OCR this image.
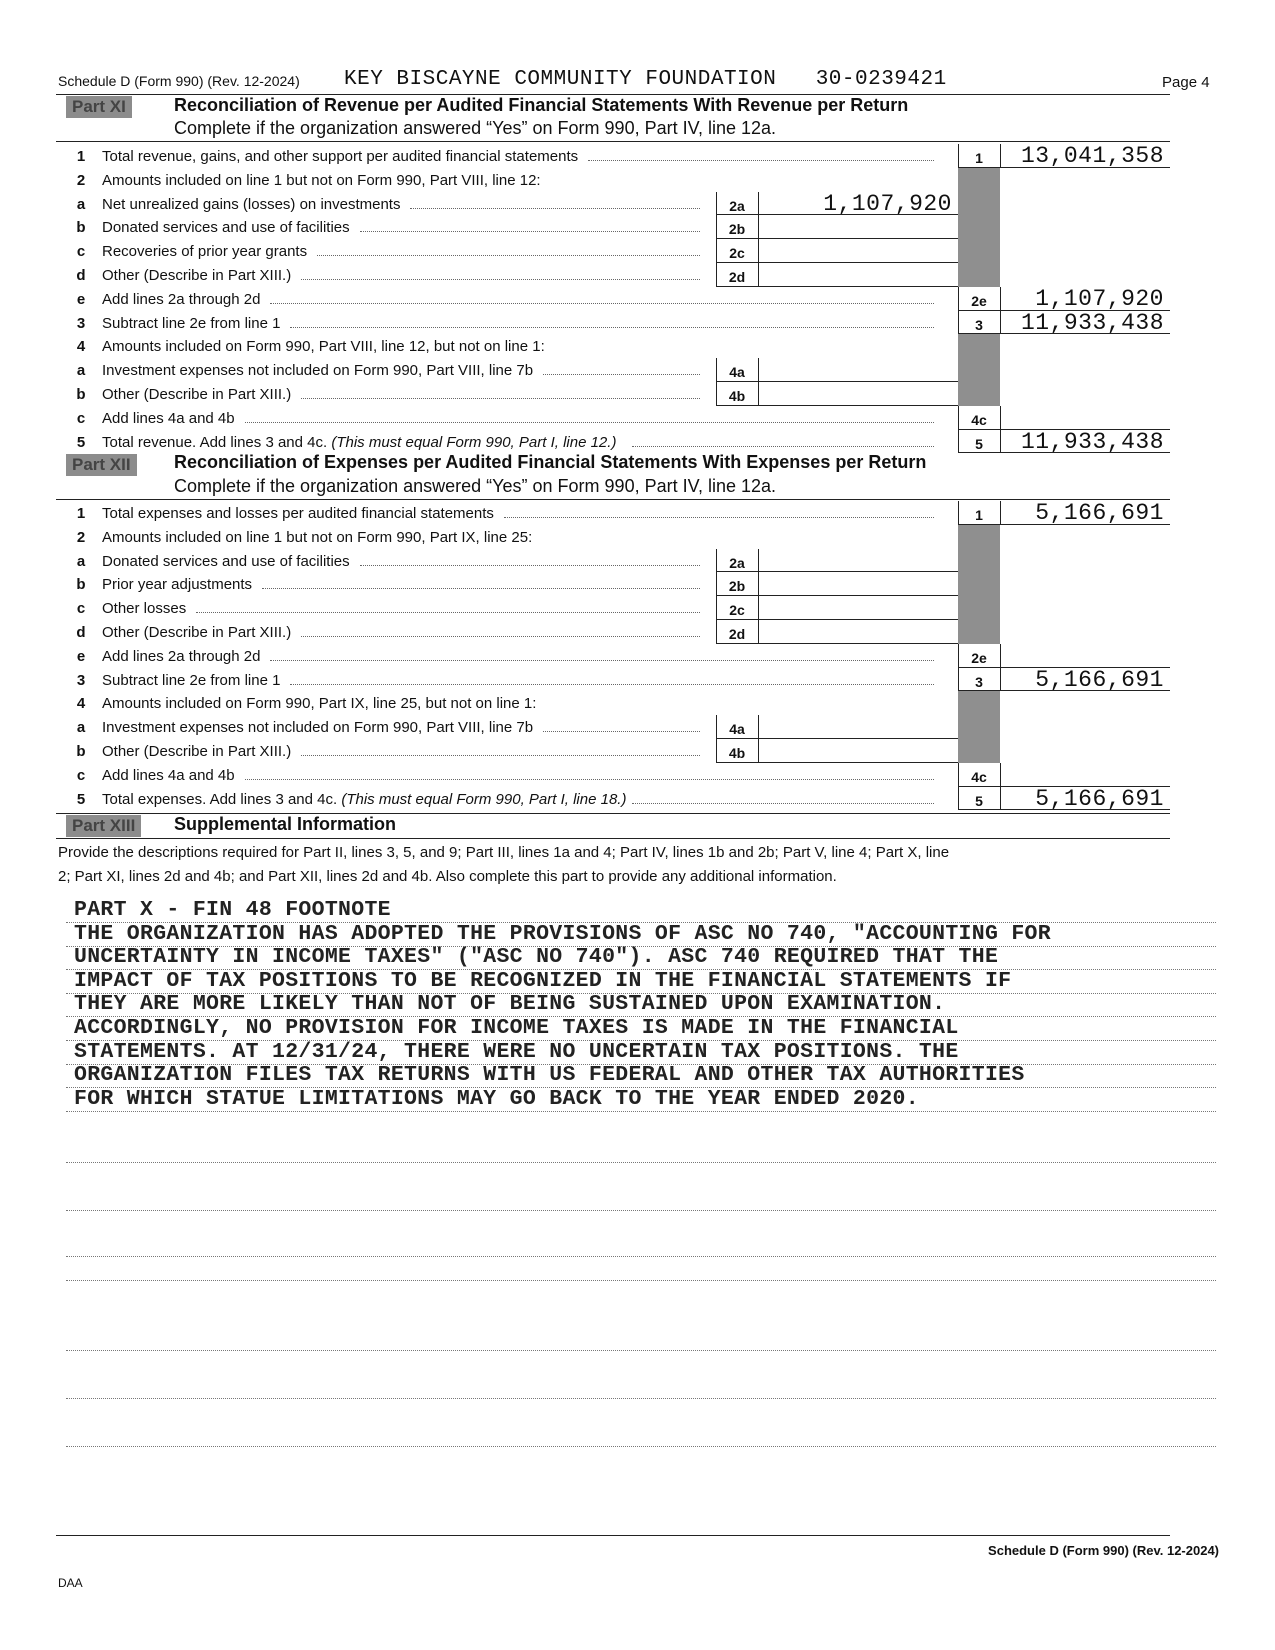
Schedule D (Form 990) (Rev. 12-2024) KEY BISCAYNE COMMUNITY FOUNDATION 30-0239421	Page 4
Part XI	Reconciliation of Revenue per Audited Financial Statements With Revenue per Return
Complete if the organization answered “Yes” on Form 990, Part IV, line 12a.
1 Total revenue, gains, and other support per audited financial statements	1	13,041,358
2 Amounts included on line 1 but not on Form 990, Part VIII, line 12:
a Net unrealized gains (losses) on investments	2a	1,107,920
b Donated services and use of facilities	2b
c Recoveries of prior year grants	2c
d Other (Describe in Part XIII.)	2d
e Add lines 2a through 2d	2e	1,107,920
3 Subtract line 2e from line 1	3	11,933,438
4 Amounts included on Form 990, Part VIII, line 12, but not on line 1:
a Investment expenses not included on Form 990, Part VIII, line 7b	4a
b Other (Describe in Part XIII.)	4b
c Add lines 4a and 4b	4c
5 Total revenue. Add lines 3 and 4c. (This must equal Form 990, Part I, line 12.)	5	11,933,438
Part XII	Reconciliation of Expenses per Audited Financial Statements With Expenses per Return
Complete if the organization answered “Yes” on Form 990, Part IV, line 12a.
1 Total expenses and losses per audited financial statements	1	5,166,691
2 Amounts included on line 1 but not on Form 990, Part IX, line 25:
a Donated services and use of facilities	2a
b Prior year adjustments	2b
c Other losses	2c
d Other (Describe in Part XIII.)	2d
e Add lines 2a through 2d	2e
3 Subtract line 2e from line 1	3	5,166,691
4 Amounts included on Form 990, Part IX, line 25, but not on line 1:
a Investment expenses not included on Form 990, Part VIII, line 7b	4a
b Other (Describe in Part XIII.)	4b
c Add lines 4a and 4b	4c
5 Total expenses. Add lines 3 and 4c. (This must equal Form 990, Part I, line 18.)	5	5,166,691
Part XIII	Supplemental Information
Provide the descriptions required for Part II, lines 3, 5, and 9; Part III, lines 1a and 4; Part IV, lines 1b and 2b; Part V, line 4; Part X, line
2; Part XI, lines 2d and 4b; and Part XII, lines 2d and 4b. Also complete this part to provide any additional information.
PART X - FIN 48 FOOTNOTE
THE ORGANIZATION HAS ADOPTED THE PROVISIONS OF ASC NO 740, "ACCOUNTING FOR
UNCERTAINTY IN INCOME TAXES" ("ASC NO 740"). ASC 740 REQUIRED THAT THE
IMPACT OF TAX POSITIONS TO BE RECOGNIZED IN THE FINANCIAL STATEMENTS IF
THEY ARE MORE LIKELY THAN NOT OF BEING SUSTAINED UPON EXAMINATION.
ACCORDINGLY, NO PROVISION FOR INCOME TAXES IS MADE IN THE FINANCIAL
STATEMENTS. AT 12/31/24, THERE WERE NO UNCERTAIN TAX POSITIONS. THE
ORGANIZATION FILES TAX RETURNS WITH US FEDERAL AND OTHER TAX AUTHORITIES
FOR WHICH STATUE LIMITATIONS MAY GO BACK TO THE YEAR ENDED 2020.
Schedule D (Form 990) (Rev. 12-2024)
DAA
